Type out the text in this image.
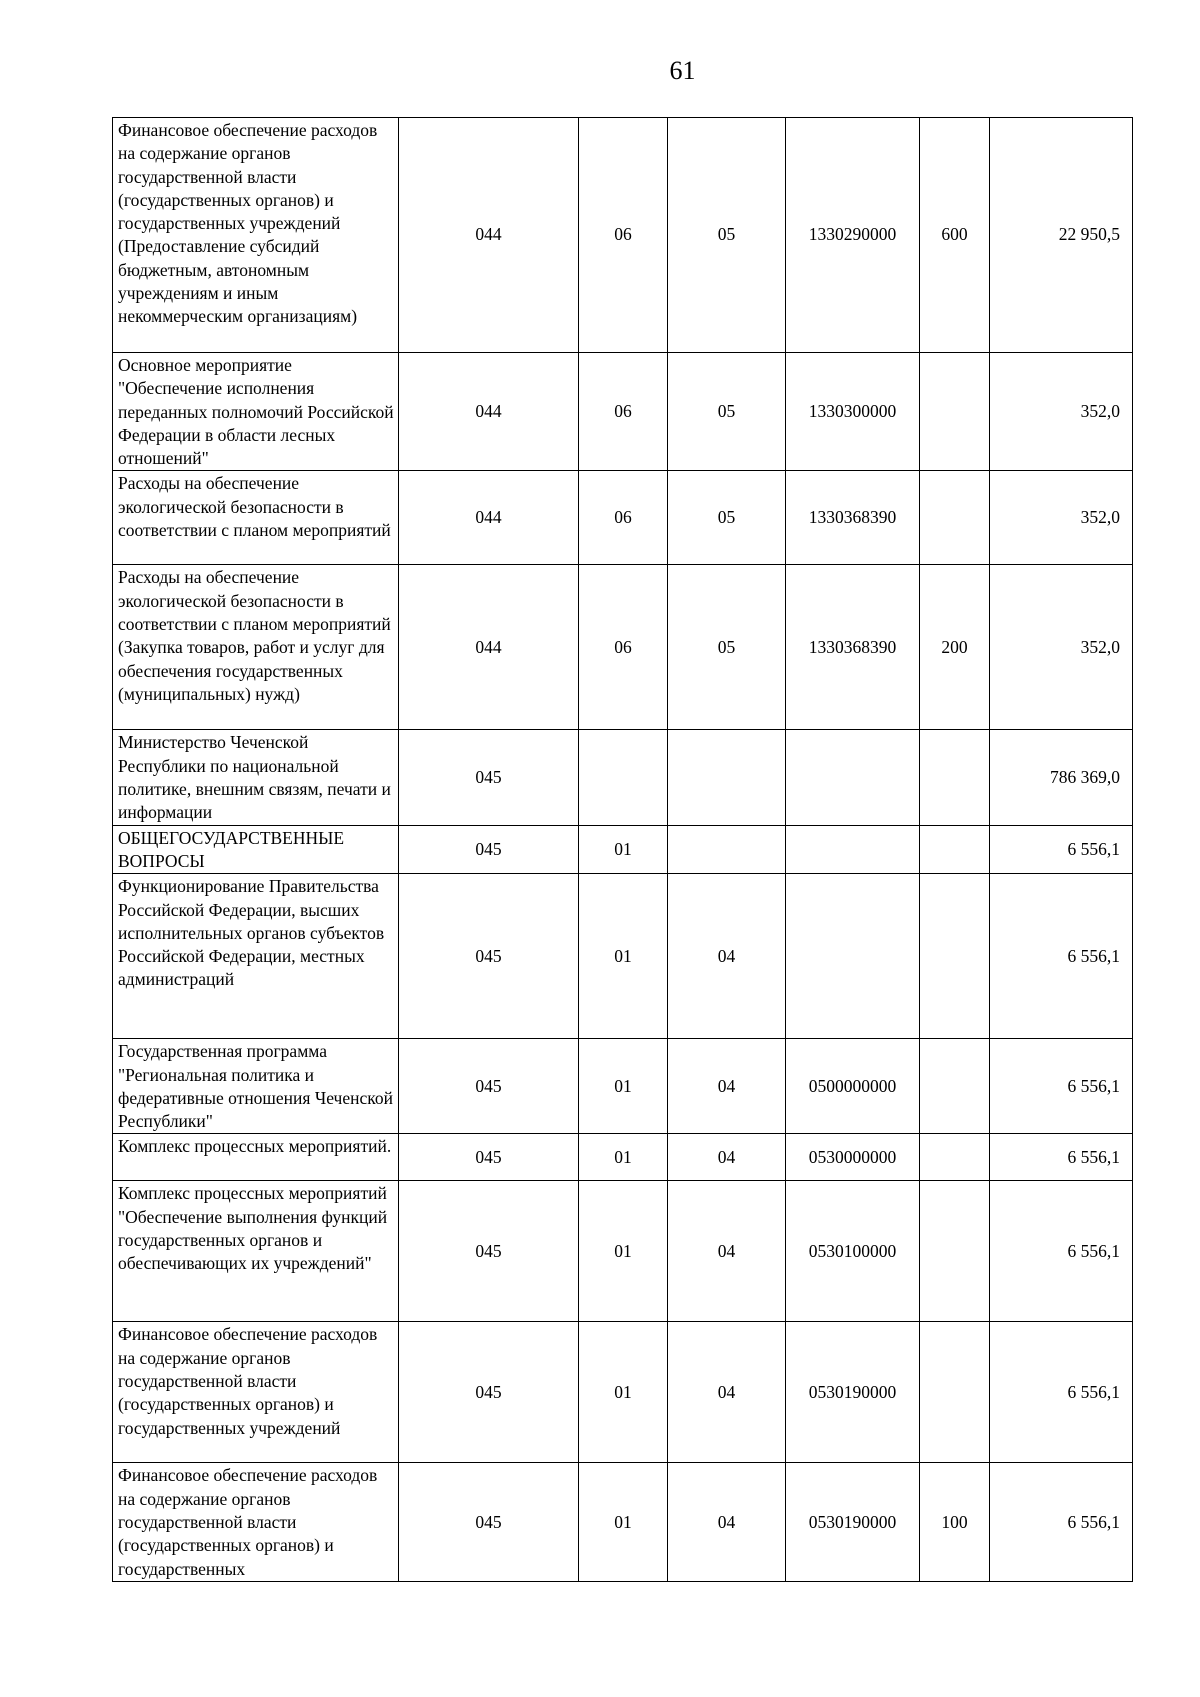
61
Финансовое обеспечение расходов на содержание органов государственной власти (государственных органов) и государственных учреждений (Предоставление субсидий бюджетным, автономным учреждениям и иным некоммерческим организациям)	044	06	05	1330290000	600	22 950,5
Основное мероприятие "Обеспечение исполнения переданных полномочий Российской Федерации в области лесных отношений"	044	06	05	1330300000		352,0
Расходы на обеспечение экологической безопасности в соответствии с планом мероприятий	044	06	05	1330368390		352,0
Расходы на обеспечение экологической безопасности в соответствии с планом мероприятий (Закупка товаров, работ и услуг для обеспечения государственных (муниципальных) нужд)	044	06	05	1330368390	200	352,0
Министерство Чеченской Республики по национальной политике, внешним связям, печати и информации	045					786 369,0
ОБЩЕГОСУДАРСТВЕННЫЕ ВОПРОСЫ	045	01				6 556,1
Функционирование Правительства Российской Федерации, высших исполнительных органов субъектов Российской Федерации, местных администраций	045	01	04			6 556,1
Государственная программа "Региональная политика и федеративные отношения Чеченской Республики"	045	01	04	0500000000		6 556,1
Комплекс процессных мероприятий.	045	01	04	0530000000		6 556,1
Комплекс процессных мероприятий "Обеспечение выполнения функций государственных органов и обеспечивающих их учреждений"	045	01	04	0530100000		6 556,1
Финансовое обеспечение расходов на содержание органов государственной власти (государственных органов) и государственных учреждений	045	01	04	0530190000		6 556,1
Финансовое обеспечение расходов на содержание органов государственной власти (государственных органов) и государственных	045	01	04	0530190000	100	6 556,1
